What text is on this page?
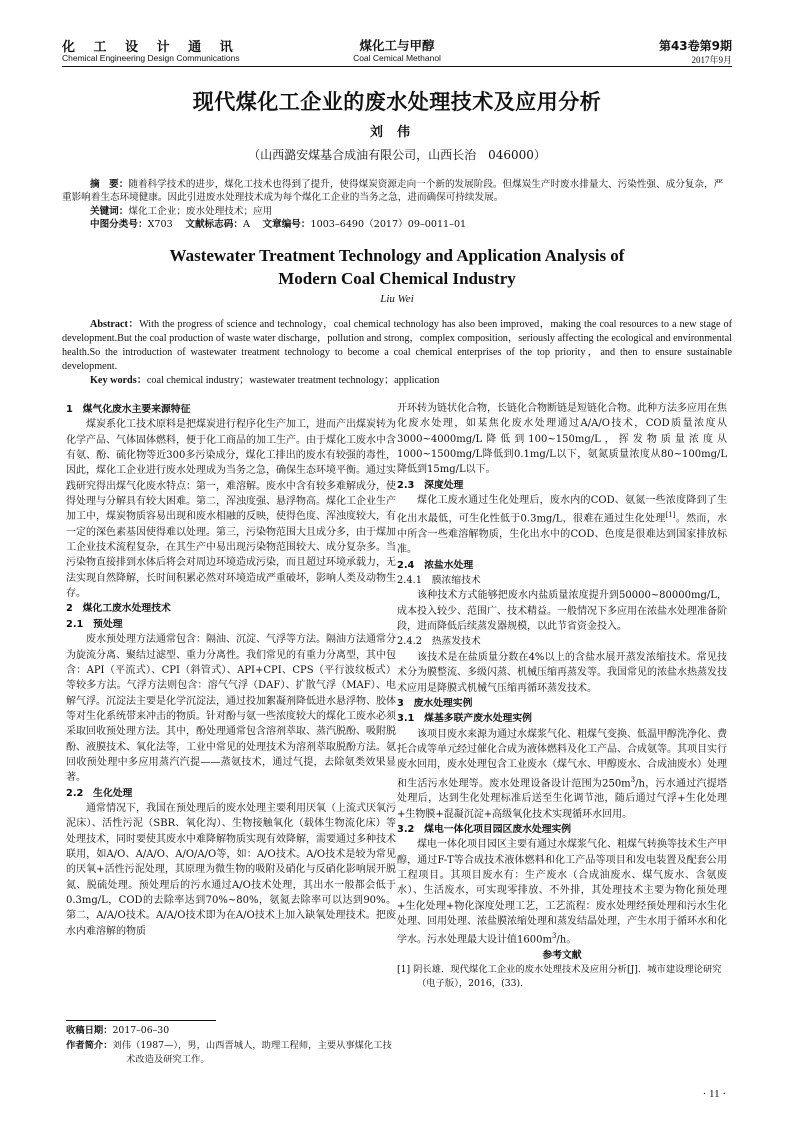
化 工 设 计 通 讯
Chemical Engineering Design Communications
煤化工与甲醇
Coal Cemical Methanol
第43卷第9期
2017年9月
现代煤化工企业的废水处理技术及应用分析
刘伟
（山西潞安煤基合成油有限公司，山西长治　046000）

摘　要：随着科学技术的进步，煤化工技术也得到了提升，使得煤炭资源走向一个新的发展阶段。但煤炭生产时废水排量大、污染性强、成分复杂，严重影响着生态环境健康。因此引进废水处理技术成为每个煤化工企业的当务之急，进而确保可持续发展。

关键词：煤化工企业；废水处理技术；应用

中图分类号：X703　 文献标志码：A　 文章编号：1003–6490（2017）09–0011–01

Wastewater Treatment Technology and Application Analysis of
Modern Coal Chemical Industry
Liu Wei

Abstract：With the progress of science and technology，coal chemical technology has also been improved，making the coal resources to a new stage of development.But the coal production of waste water discharge，pollution and strong，complex composition，seriously affecting the ecological and environmental health.So the introduction of wastewater treatment technology to become a coal chemical enterprises of the top priority，and then to ensure sustainable development.

Key words：coal chemical industry；wastewater treatment technology；application

1　煤气化废水主要来源特征

煤炭系化工技术原料是把煤炭进行程序化生产加工，进而产出煤炭转为化学产品、气体固体燃料，便于化工商品的加工生产。由于煤化工废水中含有氨、酚、硫化物等近300多污染成分，煤化工排出的废水有较强的毒性，因此，煤化工企业进行废水处理成为当务之急，确保生态环境平衡。通过实践研究得出煤气化废水特点：第一，难溶解。废水中含有较多难解成分，使得处理与分解具有较大困难。第二，浑浊度强、悬浮物高。煤化工企业生产加工中，煤炭物质容易出现和废水相融的反映，使得色度、浑浊度较大，有一定的深色素基因使得难以处理。第三，污染物范围大且成分多，由于煤加工企业技术流程复杂，在其生产中易出现污染物范围较大、成分复杂多。当污染物直接排到水体后将会对周边环境造成污染，而且超过环境承载力，无法实现自然降解，长时间积累必然对环境造成严重破坏，影响人类及动物生存。

2　煤化工废水处理技术
2.1　预处理

废水预处理方法通常包含：隔油、沉淀、气浮等方法。隔油方法通常分为旋流分离、聚结过滤型、重力分离性。我们常见的有重力分离型，其中包含：API（平流式）、CPI（斜管式）、API+CPI、CPS（平行波纹板式）等较多方法。气浮方法则包含：溶气气浮（DAF）、扩散气浮（MAF）、电解气浮。沉淀法主要是化学沉淀法，通过投加絮凝剂降低进水悬浮物、胶体等对生化系统带来冲击的物质。针对酚与氨一些浓度较大的煤化工废水必须采取回收预处理方法。其中，酚处理通常包含溶剂萃取、蒸汽脱酚、吸附脱酚、液膜技术、氧化法等，工业中常见的处理技术为溶剂萃取脱酚方法。氨回收预处理中多应用蒸汽汽提——蒸氨技术，通过气提，去除氨类效果显著。

2.2　生化处理

通常情况下，我国在预处理后的废水处理主要利用厌氧（上流式厌氧污泥床）、活性污泥（SBR、氧化沟）、生物接触氧化（载体生物流化床）等处理技术，同时要使其废水中难降解物质实现有效降解，需要通过多种技术联用，如A/O、A/A/O、A/O/A/O等，如：A/O技术。A/O技术是较为常见的厌氧+活性污泥处理，其原理为微生物的吸附及硝化与反硝化影响展开脱氮、脱硫处理。预处理后的污水通过A/O技术处理，其出水一般都会低于0.3mg/L，COD的去除率达到70%~80%，氨氮去除率可以达到90%。第二，A/A/O技术。A/A/O技术即为在A/O技术上加入缺氧处理技术。把废水内难溶解的物质

收稿日期：2017–06–30

作者简介：刘伟（1987—），男，山西晋城人，助理工程师，主要从事煤化工技术改造及研究工作。

开环转为链状化合物，长链化合物断链是短链化合物。此种方法多应用在焦化废水处理，如某焦化废水处理通过A/A/O技术，COD质量浓度从3000~4000mg/L降低到100~150mg/L，挥发物质量浓度从1000~1500mg/L降低到0.1mg/L以下，氨氮质量浓度从80~100mg/L降低到15mg/L以下。

2.3　深度处理

煤化工废水通过生化处理后，废水内的COD、氨氮一些浓度降到了生化出水最低，可生化性低于0.3mg/L，很难在通过生化处理[1]。然而，水中所含一些难溶解物质，生化出水中的COD、色度是很难达到国家排放标准。

2.4　浓盐水处理
2.4.1　膜浓缩技术

该种技术方式能够把废水内盐质量浓度提升到50000~80000mg/L，成本投入较少、范围广、技术精益。一般情况下多应用在浓盐水处理准备阶段，进而降低后续蒸发器规模，以此节省资金投入。

2.4.2　热蒸发技术

该技术是在盐质量分数在4%以上的含盐水展开蒸发浓缩技术。常见技术分为膜整流、多级闪蒸、机械压缩再蒸发等。我国常见的浓盐水热蒸发技术应用是降膜式机械气压缩再循环蒸发技术。

3　废水处理实例
3.1　煤基多联产废水处理实例

该项目废水来源为通过水煤浆气化、粗煤气变换、低温甲醇洗净化、费托合成等单元经过催化合成为液体燃料及化工产品、合成氨等。其项目实行废水回用，废水处理包含工业废水（煤气水、甲醇废水、合成油废水）处理和生活污水处理等。废水处理设备设计范围为$250m^3/h$，污水通过汽提塔处理后，达到生化处理标准后送至生化调节池，随后通过气浮+生化处理+生物膜+混凝沉淀+高级氧化技术实现循环水回用。

3.2　煤电一体化项目园区废水处理实例

煤电一体化项目园区主要有通过水煤浆气化、粗煤气转换等技术生产甲醇，通过F-T等合成技术液体燃料和化工产品等项目和发电装置及配套公用工程项目。其项目废水有：生产废水（合成油废水、煤气废水、含氨废水）、生活废水，可实现零排放、不外排，其处理技术主要为物化预处理+生化处理+物化深度处理工艺，工艺流程：废水处理经预处理和污水生化处理、回用处理、浓盐膜浓缩处理和蒸发结晶处理，产生水用于循环水和化学水。污水处理最大设计值$1600m^3/h$。

参考文献
[1] 阴长雄．现代煤化工企业的废水处理技术及应用分析[J]．城市建设理论研究（电子版），2016，(33)．
· 11 ·
